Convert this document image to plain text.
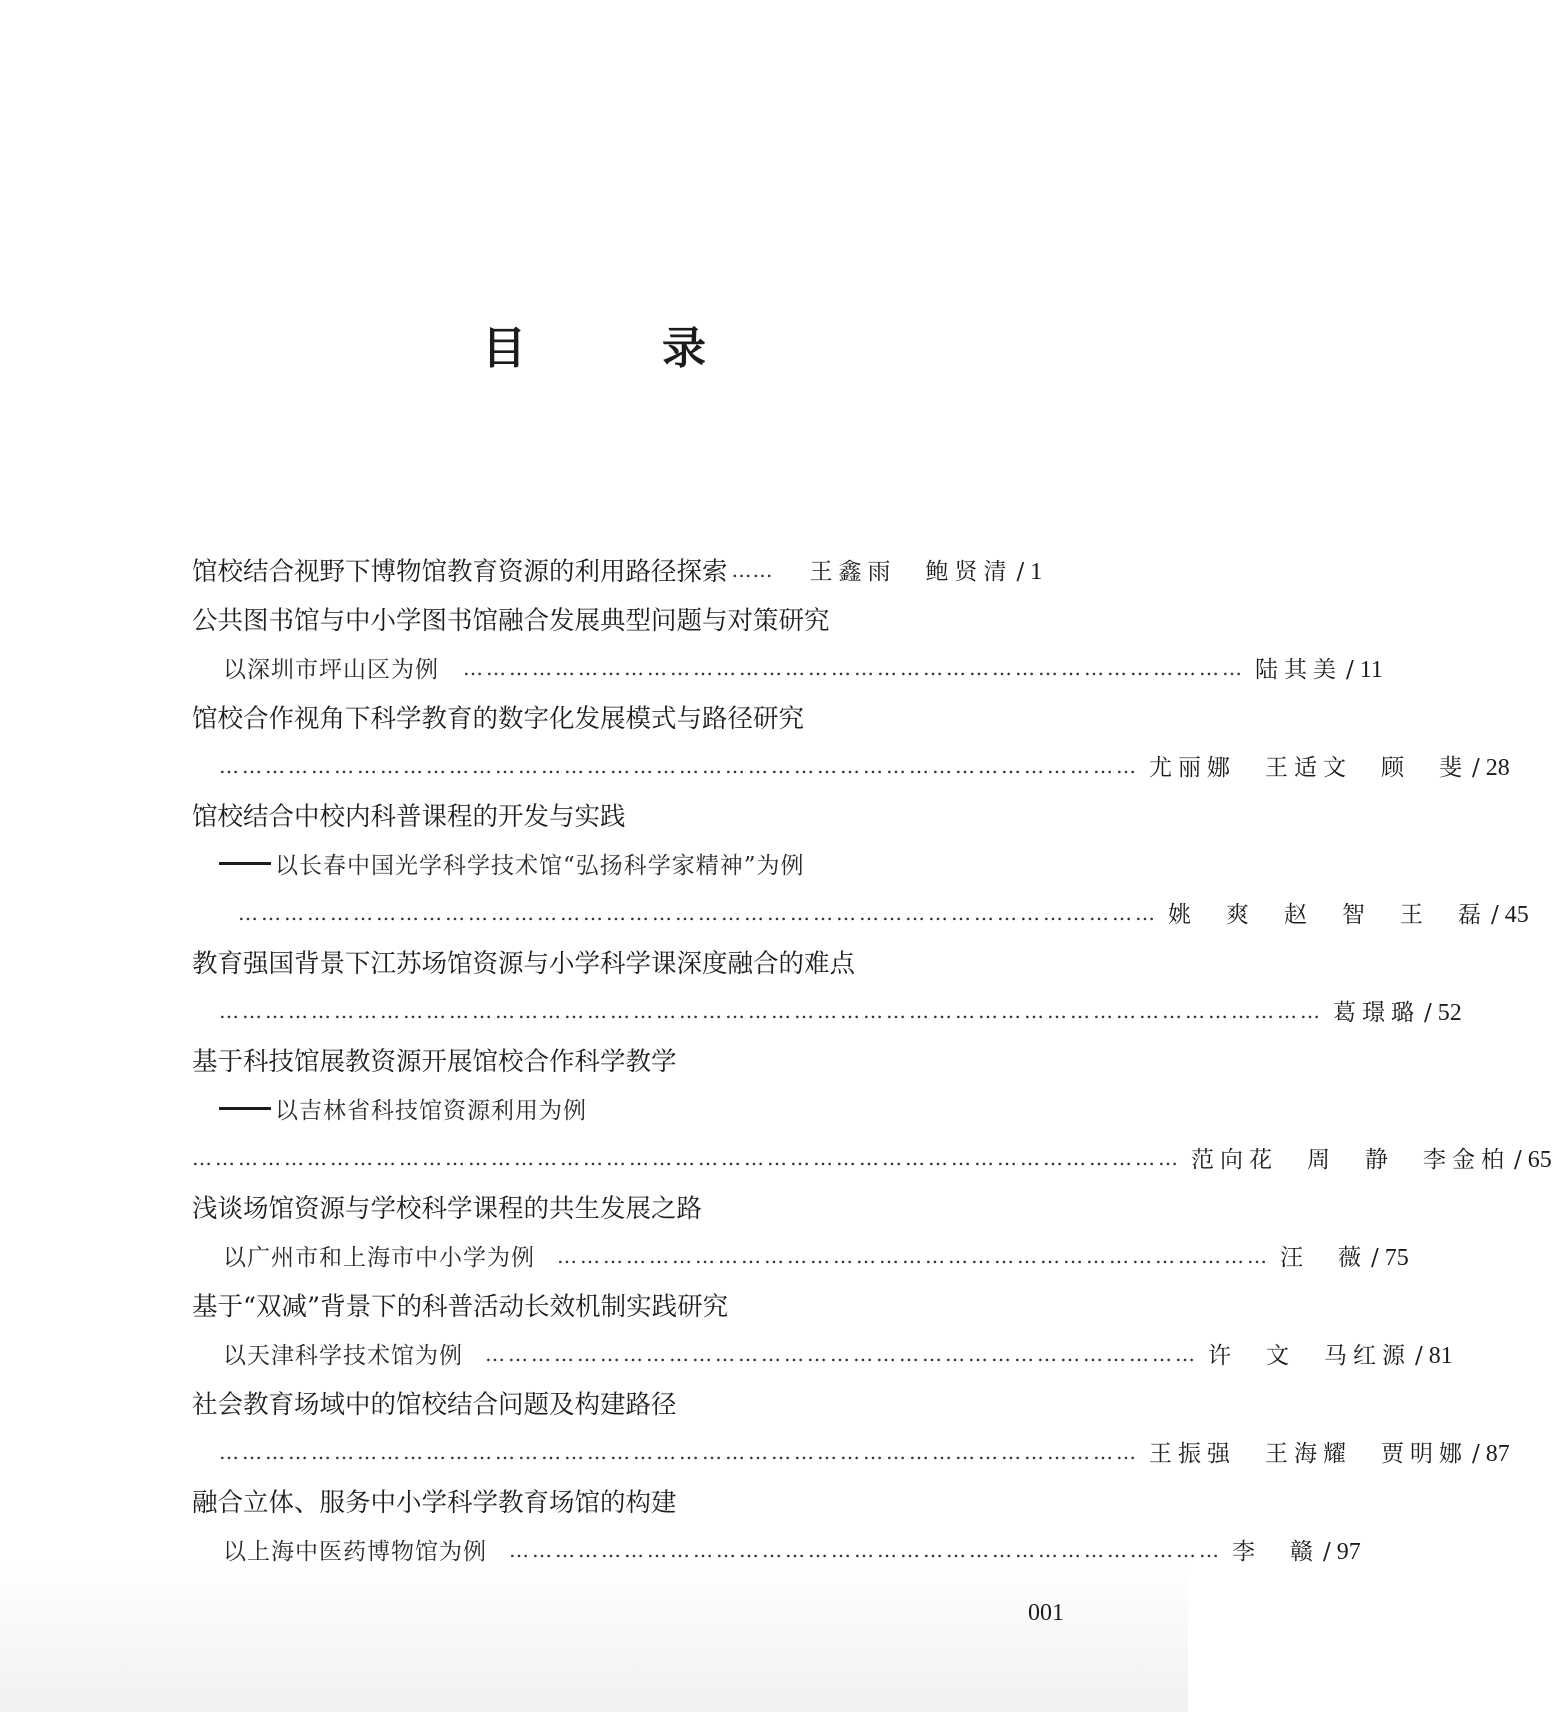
目　录
馆校结合视野下博物馆教育资源的利用路径探索 …… 王鑫雨　鲍贤清 / 1
公共图书馆与中小学图书馆融合发展典型问题与对策研究
以深圳市坪山区为例 ………………………………………………………………………………………… 陆其美 / 11
馆校合作视角下科学教育的数字化发展模式与路径研究
………………………………………………………………………………………………………… 尤丽娜　王适文　顾　斐 / 28
馆校结合中校内科普课程的开发与实践
以长春中国光学科学技术馆“弘扬科学家精神”为例
………………………………………………………………………………………………………… 姚　爽　赵　智　王　磊 / 45
教育强国背景下江苏场馆资源与小学科学课深度融合的难点
……………………………………………………………………………………………………………………………… 葛璟璐 / 52
基于科技馆展教资源开展馆校合作科学教学
以吉林省科技馆资源利用为例
………………………………………………………………………………………………………………… 范向花　周　静　李金柏 / 65
浅谈场馆资源与学校科学课程的共生发展之路
以广州市和上海市中小学为例 ………………………………………………………………………………… 汪　薇 / 75
基于“双减”背景下的科普活动长效机制实践研究
以天津科学技术馆为例 ………………………………………………………………………………… 许　文　马红源 / 81
社会教育场域中的馆校结合问题及构建路径
………………………………………………………………………………………………………… 王振强　王海耀　贾明娜 / 87
融合立体、服务中小学科学教育场馆的构建
以上海中医药博物馆为例 ………………………………………………………………………………… 李　赣 / 97
001
